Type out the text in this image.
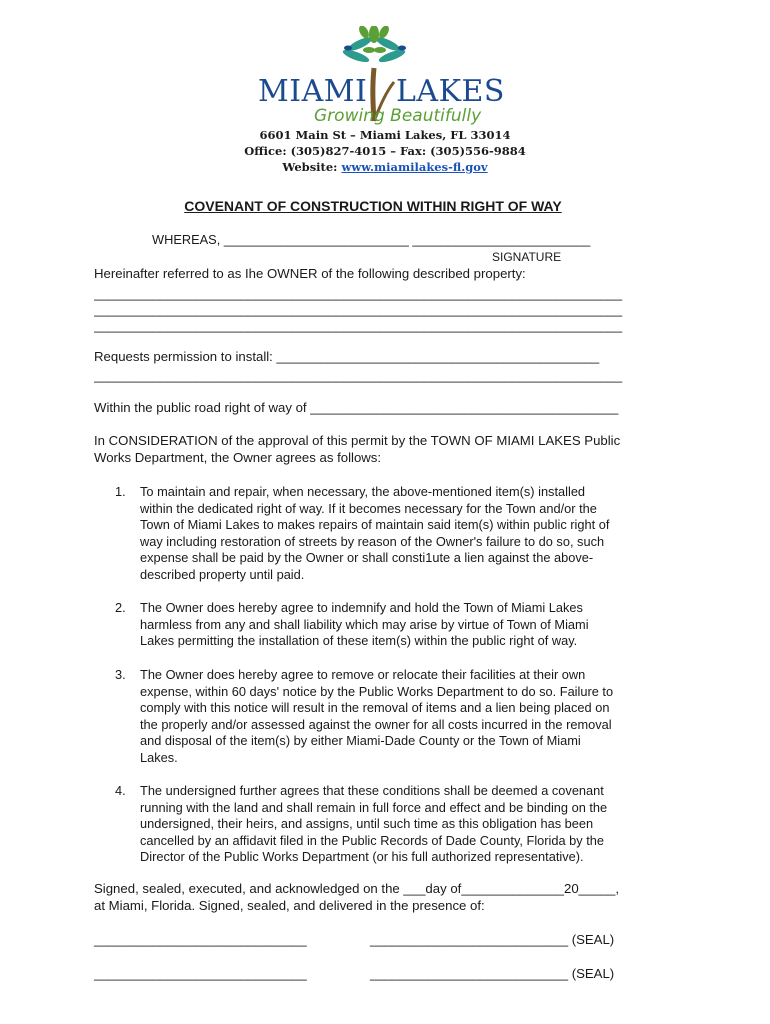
MIAMI LAKES
Growing Beautifully
6601 Main St – Miami Lakes, FL 33014
Office: (305)827-4015 – Fax: (305)556-9884
Website: www.miamilakes-fl.gov
COVENANT OF CONSTRUCTION WITHIN RIGHT OF WAY
WHEREAS, __________________________ _________________________
SIGNATURE
Hereinafter referred to as Ihe OWNER of the following described property:
________________________________________________________________________
________________________________________________________________________
________________________________________________________________________
Requests permission to install: ____________________________________________
________________________________________________________________________
Within the public road right of way of __________________________________________
In CONSIDERATION of the approval of this permit by the TOWN OF MIAMI LAKES Public
Works Department, the Owner agrees as follows:
1. To maintain and repair, when necessary, the above-mentioned item(s) installed
within the dedicated right of way. If it becomes necessary for the Town and/or the
Town of Miami Lakes to makes repairs of maintain said item(s) within public right of
way including restoration of streets by reason of the Owner's failure to do so, such
expense shall be paid by the Owner or shall consti1ute a lien against the above-
described property until paid.
2. The Owner does hereby agree to indemnify and hold the Town of Miami Lakes
harmless from any and shall liability which may arise by virtue of Town of Miami
Lakes permitting the installation of these item(s) within the public right of way.
3. The Owner does hereby agree to remove or relocate their facilities at their own
expense, within 60 days' notice by the Public Works Department to do so. Failure to
comply with this notice will result in the removal of items and a lien being placed on
the properly and/or assessed against the owner for all costs incurred in the removal
and disposal of the item(s) by either Miami-Dade County or the Town of Miami
Lakes.
4. The undersigned further agrees that these conditions shall be deemed a covenant
running with the land and shall remain in full force and effect and be binding on the
undersigned, their heirs, and assigns, until such time as this obligation has been
cancelled by an affidavit filed in the Public Records of Dade County, Florida by the
Director of the Public Works Department (or his full authorized representative).
Signed, sealed, executed, and acknowledged on the ___day of______________20_____,
at Miami, Florida. Signed, sealed, and delivered in the presence of:
_____________________________	___________________________ (SEAL)
_____________________________	___________________________ (SEAL)
